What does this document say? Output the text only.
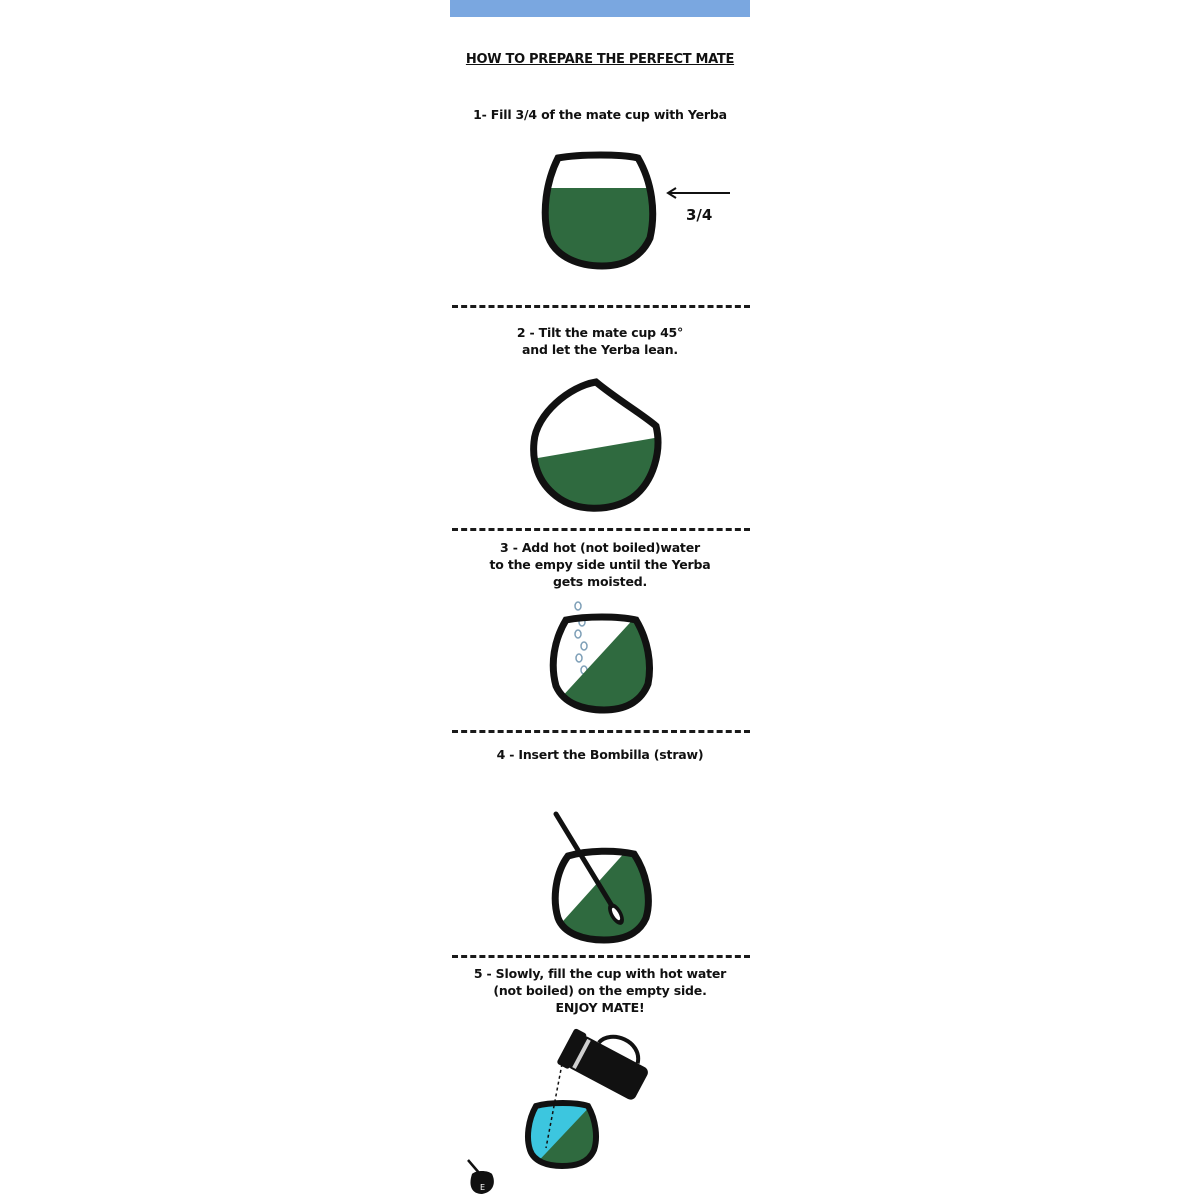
HOW TO PREPARE THE PERFECT MATE
1- Fill 3/4 of the mate cup with Yerba
3/4
2 - Tilt the mate cup 45°
and let the Yerba lean.
3 - Add hot (not boiled)water
to the empy side until the Yerba
gets moisted.
4 - Insert the Bombilla (straw)
5 - Slowly, fill the cup with hot water
(not boiled) on the empty side.
ENJOY MATE!
E
